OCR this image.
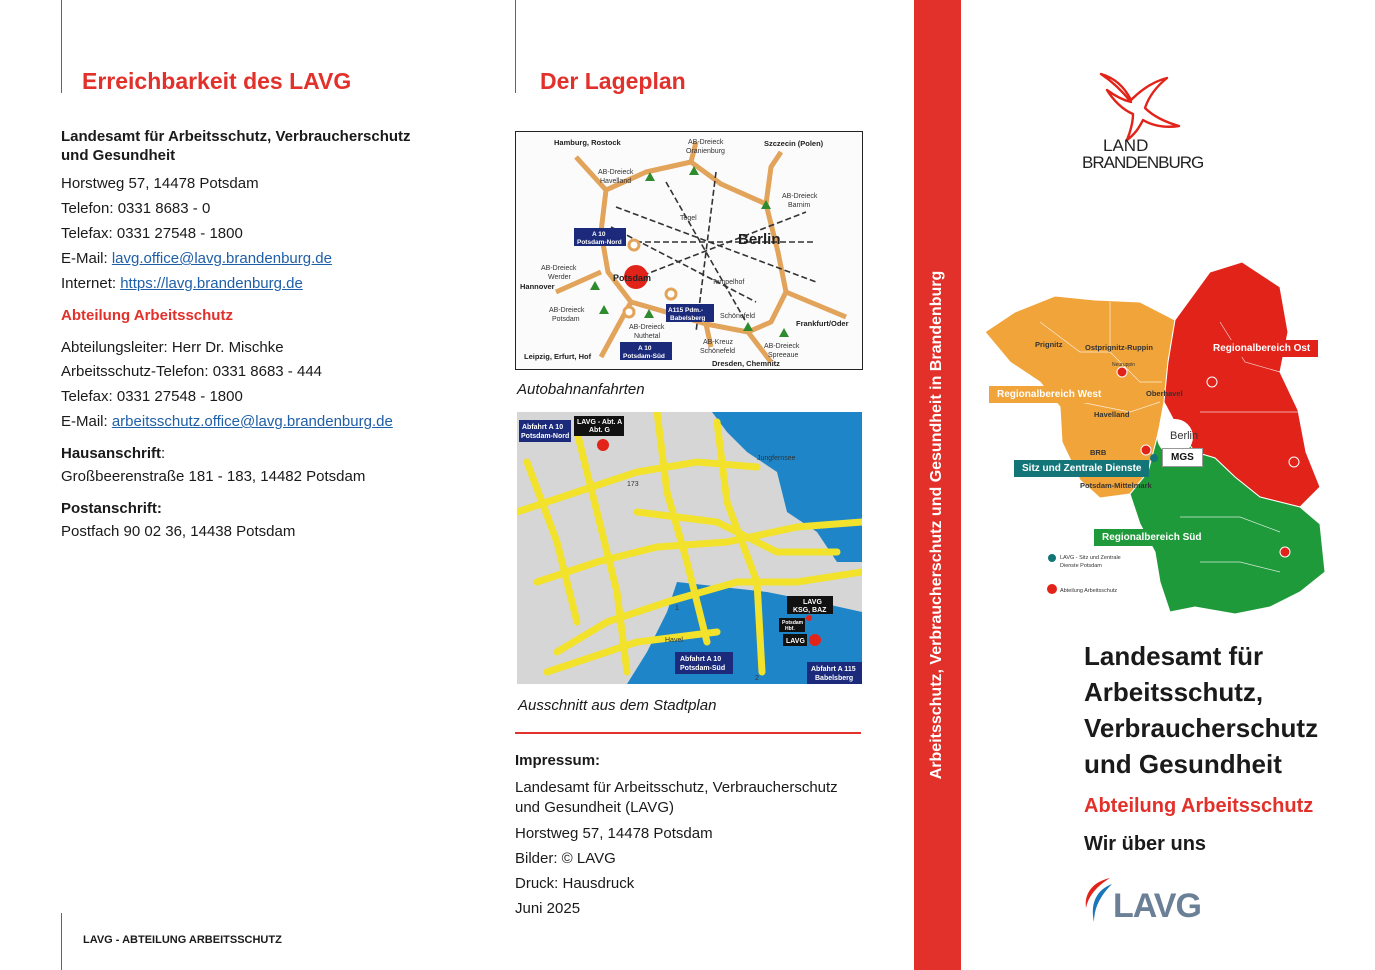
Erreichbarkeit des LAVG
Landesamt für Arbeitsschutz, Verbraucherschutz
und Gesundheit
Horstweg 57, 14478 Potsdam
Telefon: 0331 8683 - 0
Telefax: 0331 27548 - 1800
E-Mail: lavg.office@lavg.brandenburg.de
Internet: https://lavg.brandenburg.de
Abteilung Arbeitsschutz
Abteilungsleiter: Herr Dr. Mischke
Arbeitsschutz-Telefon: 0331 8683 - 444
Telefax: 0331 27548 - 1800
E-Mail: arbeitsschutz.office@lavg.brandenburg.de
Hausanschrift:
Großbeerenstraße 181 - 183, 14482 Potsdam
Postanschrift:
Postfach 90 02 36, 14438 Potsdam
LAVG - ABTEILUNG ARBEITSSCHUTZ
Der Lageplan
Hamburg, Rostock	Szczecin (Polen)
Hannover
Frankfurt/Oder
Leipzig, Erfurt, Hof
Dresden, Chemnitz
AB-Dreieck
Oranienburg
AB-Dreieck
Havelland
AB-Dreieck
Barnim
Tegel
AB-Dreieck
Werder
Tempelhof
AB-Dreieck
Potsdam	Schönefeld
AB-Dreieck
Nuthetal
AB-Kreuz
Schönefeld
AB-Dreieck
Spreeaue
Berlin
Potsdam
A 10
Potsdam-Nord
A115 Pdm.-
Babelsberg
A 10
Potsdam-Süd
Autobahnanfahrten
Abfahrt A 10
Potsdam-Nord
LAVG - Abt. A
Abt. G
LAVG
KSG, BAZ
LAVG
Abfahrt A 10
Potsdam-Süd	Abfahrt A 115
Babelsberg
Potsdam
Hbf.
Jungfernsee
Havel
173
1
2
Ausschnitt aus dem Stadtplan
Impressum:
Landesamt für Arbeitsschutz, Verbraucherschutz
und Gesundheit (LAVG)
Horstweg 57, 14478 Potsdam
Bilder: © LAVG
Druck: Hausdruck
Juni 2025
Arbeitsschutz, Verbraucherschutz und Gesundheit in Brandenburg
LAND
BRANDENBURG
Prignitz	Ostprignitz-Ruppin
Havelland
Oberhavel
BRB
Potsdam-Mittelmark
Neuruppin
Berlin
LAVG - Sitz und Zentrale
Dienste Potsdam
Abteilung Arbeitsschutz
Regionalbereich Ost
Regionalbereich West
Sitz und Zentrale Dienste
MGS
Regionalbereich Süd
Landesamt für
Arbeitsschutz,
Verbraucherschutz
und Gesundheit
Abteilung Arbeitsschutz
Wir über uns
LAVG
